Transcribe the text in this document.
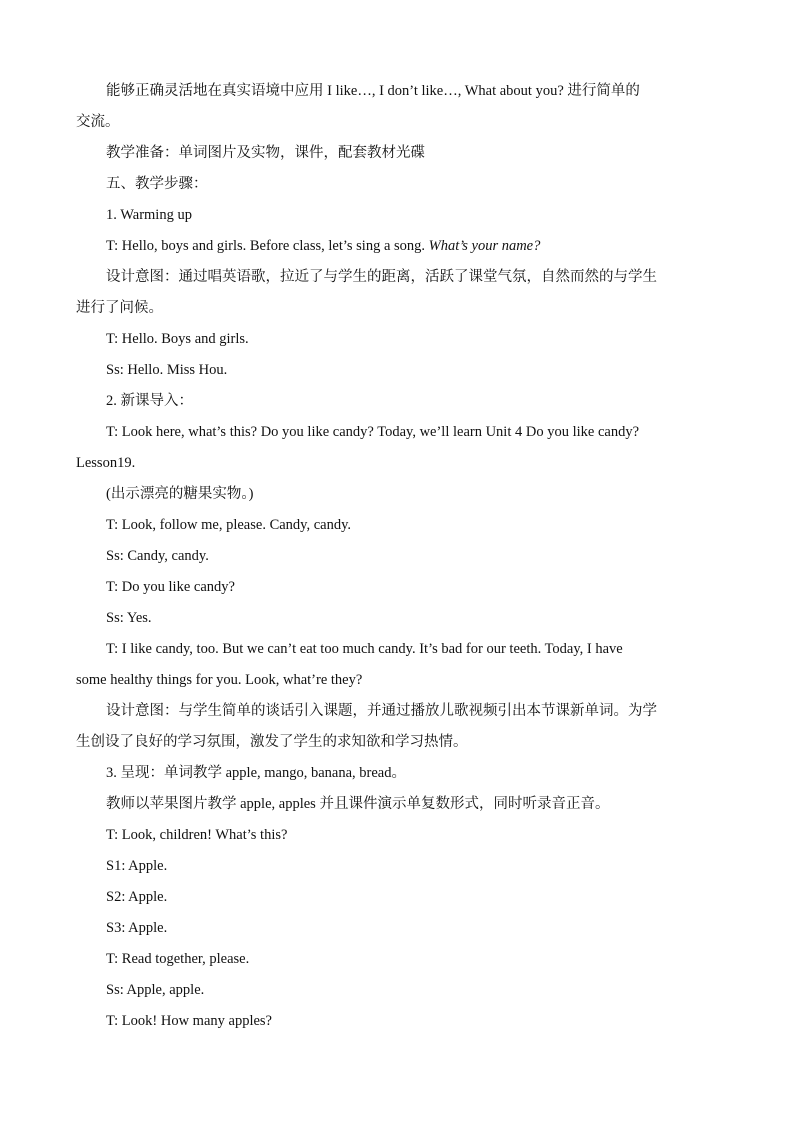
能够正确灵活地在真实语境中应用 I like…, I don’t like…, What about you? 进行简单的

交流。

教学准备：单词图片及实物，课件，配套教材光碟

五、教学步骤：

1. Warming up

T: Hello, boys and girls. Before class, let’s sing a song. What’s your name?

设计意图：通过唱英语歌，拉近了与学生的距离，活跃了课堂气氛，自然而然的与学生

进行了问候。

T: Hello. Boys and girls.

Ss: Hello. Miss Hou.

2. 新课导入：

T: Look here, what’s this? Do you like candy? Today, we’ll learn Unit 4 Do you like candy?

Lesson19.

(出示漂亮的糖果实物。)

T: Look, follow me, please. Candy, candy.

Ss: Candy, candy.

T: Do you like candy?

Ss: Yes.

T: I like candy, too. But we can’t eat too much candy. It’s bad for our teeth. Today, I have

some healthy things for you. Look, what’re they?

设计意图：与学生简单的谈话引入课题，并通过播放儿歌视频引出本节课新单词。为学

生创设了良好的学习氛围，激发了学生的求知欲和学习热情。

3. 呈现：单词教学 apple, mango, banana, bread。

教师以苹果图片教学 apple, apples 并且课件演示单复数形式，同时听录音正音。

T: Look, children! What’s this?

S1: Apple.

S2: Apple.

S3: Apple.

T: Read together, please.

Ss: Apple, apple.

T: Look! How many apples?
